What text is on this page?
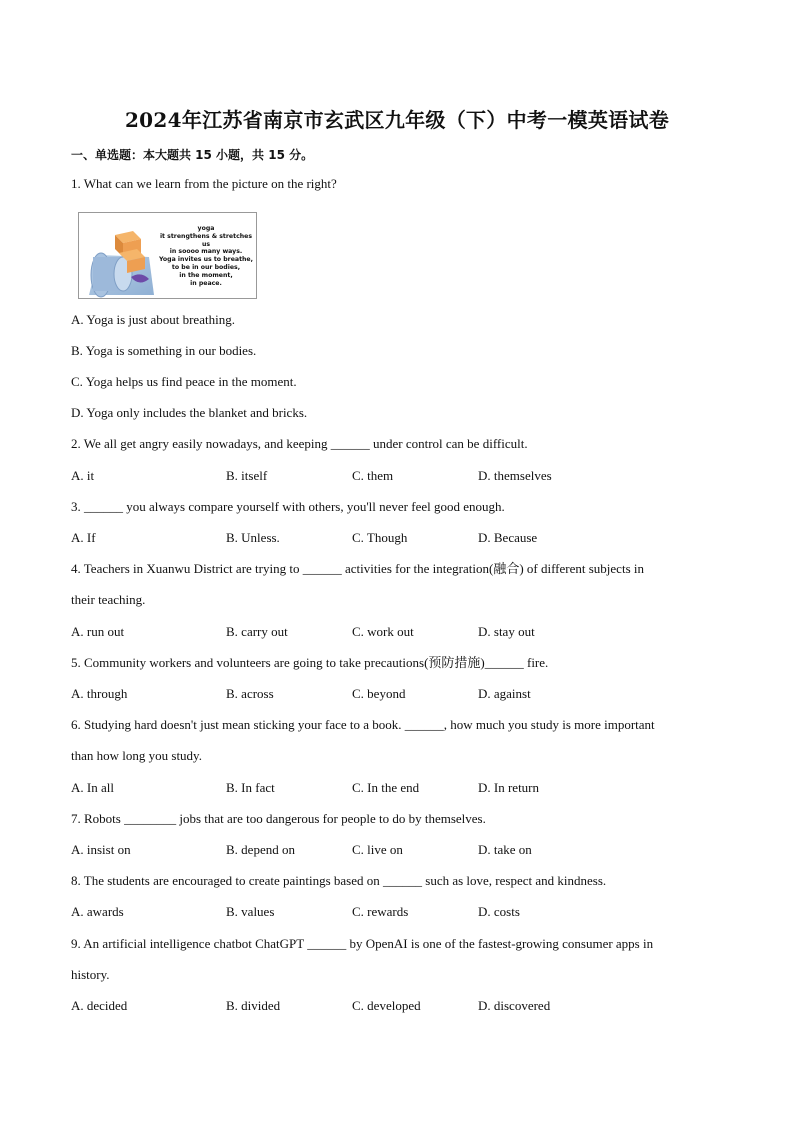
2024年江苏省南京市玄武区九年级（下）中考一模英语试卷
一、单选题：本大题共 15 小题，共 15 分。
1. What can we learn from the picture on the right?
yoga
it strengthens & stretches
us
in soooo many ways.
Yoga invites us to breathe,
to be in our bodies,
in the moment,
in peace.
A. Yoga is just about breathing.
B. Yoga is something in our bodies.
C. Yoga helps us find peace in the moment.
D. Yoga only includes the blanket and bricks.
2. We all get angry easily nowadays, and keeping ______ under control can be difficult.
A. it	B. itself	C. them	D. themselves
3. ______ you always compare yourself with others, you'll never feel good enough.
A. If	B. Unless.	C. Though	D. Because
4. Teachers in Xuanwu District are trying to ______ activities for the integration(融合) of different subjects in
their teaching.
A. run out	B. carry out	C. work out	D. stay out
5. Community workers and volunteers are going to take precautions(预防措施)______ fire.
A. through	B. across	C. beyond	D. against
6. Studying hard doesn't just mean sticking your face to a book. ______, how much you study is more important
than how long you study.
A. In all	B. In fact	C. In the end	D. In return
7. Robots ________ jobs that are too dangerous for people to do by themselves.
A. insist on	B. depend on	C. live on	D. take on
8. The students are encouraged to create paintings based on ______ such as love, respect and kindness.
A. awards	B. values	C. rewards	D. costs
9. An artificial intelligence chatbot ChatGPT ______ by OpenAI is one of the fastest-growing consumer apps in
history.
A. decided	B. divided	C. developed	D. discovered
